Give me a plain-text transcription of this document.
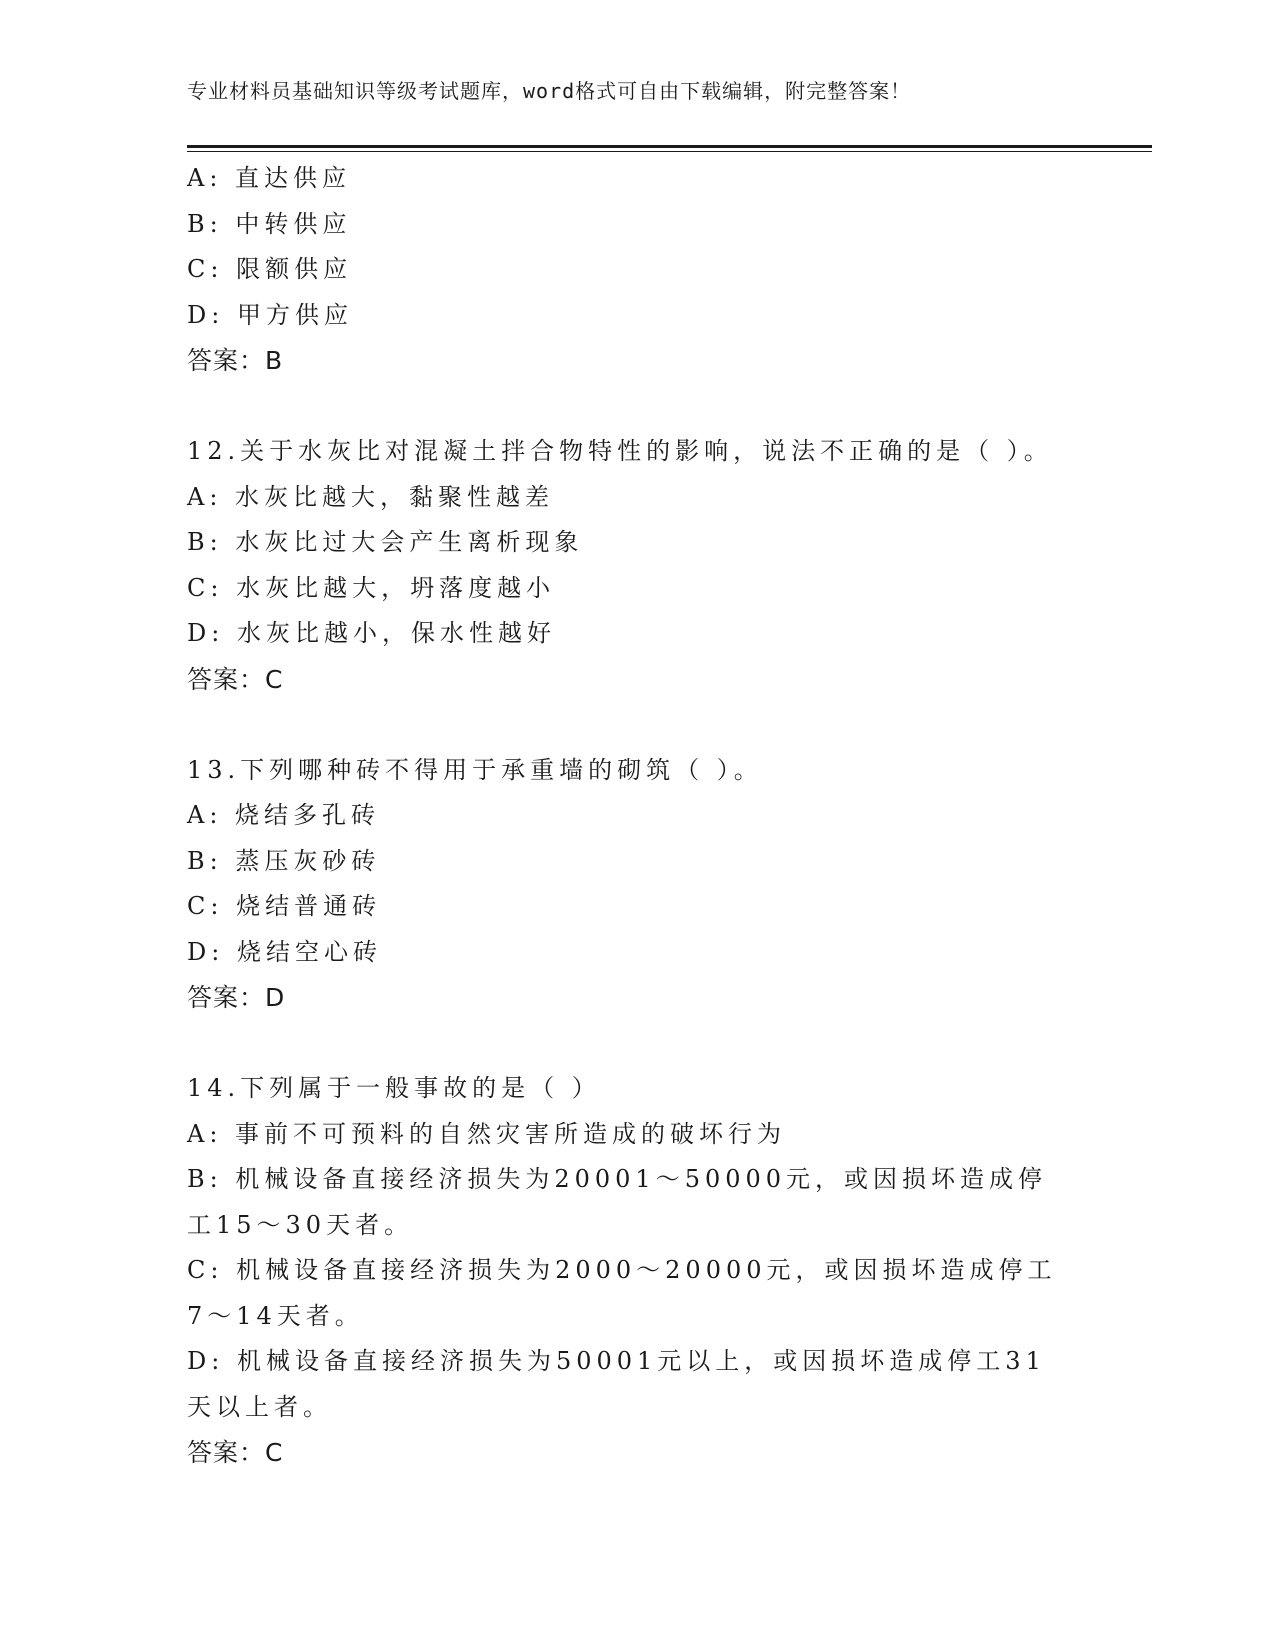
专业材料员基础知识等级考试题库，word格式可自由下载编辑，附完整答案！
A: 直达供应
B: 中转供应
C: 限额供应
D: 甲方供应
答案：B
12.关于水灰比对混凝土拌合物特性的影响，说法不正确的是（ ）。
A: 水灰比越大，黏聚性越差
B: 水灰比过大会产生离析现象
C: 水灰比越大，坍落度越小
D: 水灰比越小，保水性越好
答案：C
13.下列哪种砖不得用于承重墙的砌筑（ ）。
A: 烧结多孔砖
B: 蒸压灰砂砖
C: 烧结普通砖
D: 烧结空心砖
答案：D
14.下列属于一般事故的是（ ）
A: 事前不可预料的自然灾害所造成的破坏行为
B: 机械设备直接经济损失为20001～50000元，或因损坏造成停工15～30天者。
C: 机械设备直接经济损失为2000～20000元，或因损坏造成停工7～14天者。
D: 机械设备直接经济损失为50001元以上，或因损坏造成停工31天以上者。
答案：C
